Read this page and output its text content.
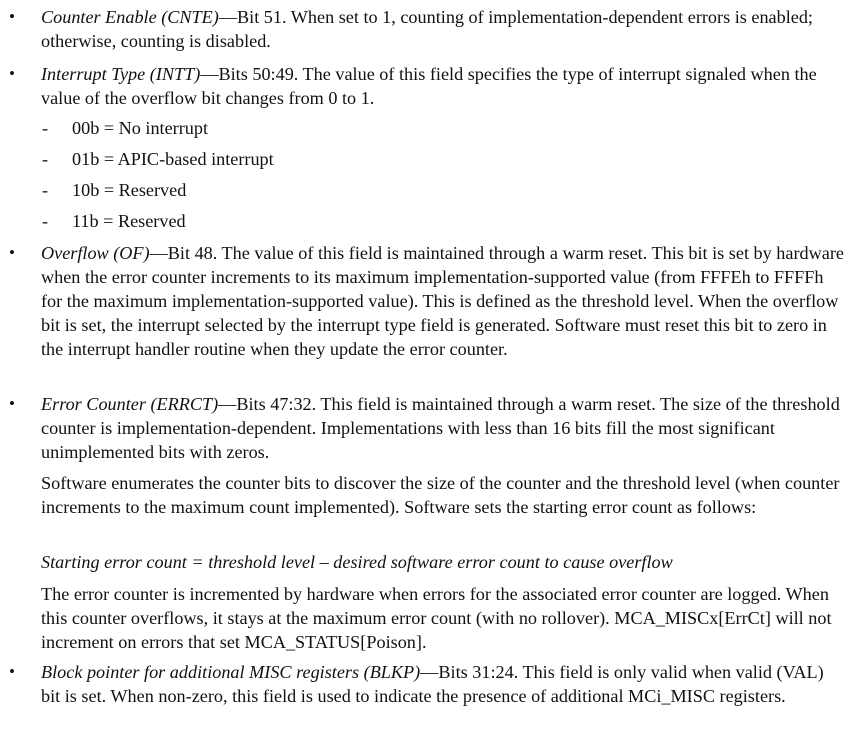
• Counter Enable (CNTE)—Bit 51. When set to 1, counting of implementation-dependent errors is enabled; otherwise, counting is disabled.
• Interrupt Type (INTT)—Bits 50:49. The value of this field specifies the type of interrupt signaled when the value of the overflow bit changes from 0 to 1.
- 00b = No interrupt
- 01b = APIC-based interrupt
- 10b = Reserved
- 11b = Reserved
• Overflow (OF)—Bit 48. The value of this field is maintained through a warm reset. This bit is set by hardware when the error counter increments to its maximum implementation-supported value (from FFFEh to FFFFh for the maximum implementation-supported value). This is defined as the threshold level. When the overflow bit is set, the interrupt selected by the interrupt type field is generated. Software must reset this bit to zero in the interrupt handler routine when they update the error counter.
• Error Counter (ERRCT)—Bits 47:32. This field is maintained through a warm reset. The size of the threshold counter is implementation-dependent. Implementations with less than 16 bits fill the most significant unimplemented bits with zeros.
Software enumerates the counter bits to discover the size of the counter and the threshold level (when counter increments to the maximum count implemented). Software sets the starting error count as follows:
Starting error count = threshold level – desired software error count to cause overflow
The error counter is incremented by hardware when errors for the associated error counter are logged. When this counter overflows, it stays at the maximum error count (with no rollover). MCA_MISCx[ErrCt] will not increment on errors that set MCA_STATUS[Poison].
• Block pointer for additional MISC registers (BLKP)—Bits 31:24. This field is only valid when valid (VAL) bit is set. When non-zero, this field is used to indicate the presence of additional MCi_MISC registers.
